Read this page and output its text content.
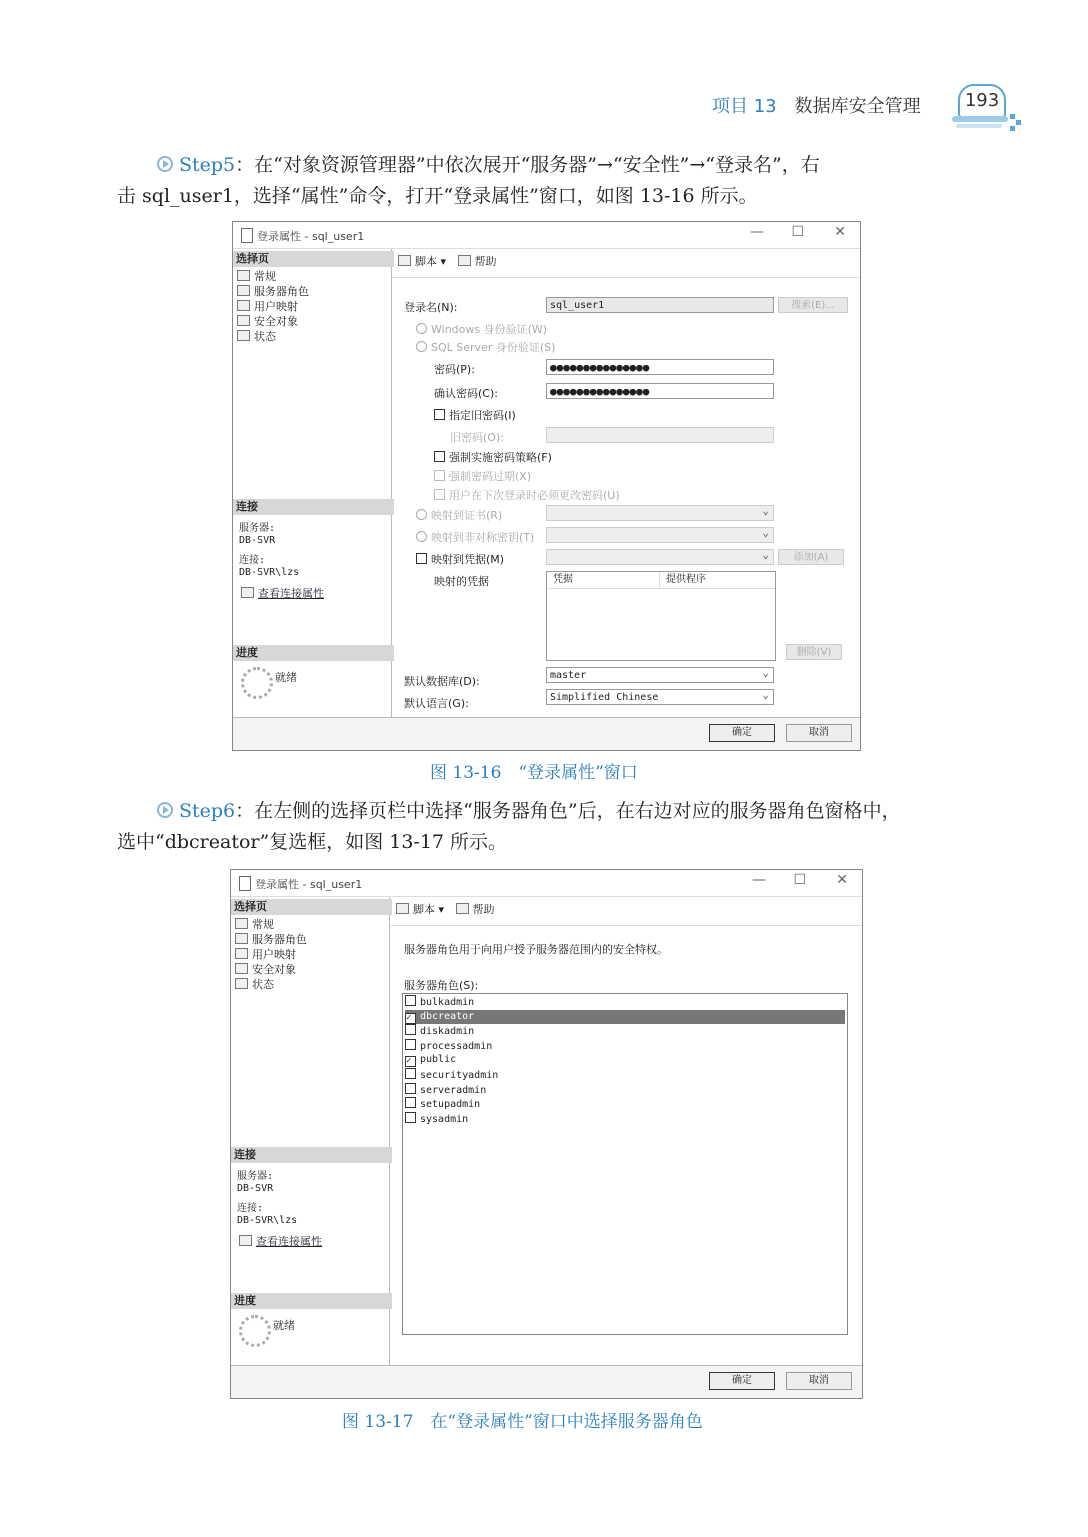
项目 13 数据库安全管理	193
Step5：在“对象资源管理器”中依次展开“服务器”→“安全性”→“登录名”，右
击 sql_user1，选择“属性”命令，打开“登录属性”窗口，如图 13-16 所示。
登录属性 - sql_user1	— ☐ ✕
选择页
常规
服务器角色
用户映射
安全对象
状态
连接
服务器:
DB-SVR
连接:
DB-SVR\lzs
查看连接属性
进度
就绪
脚本 ▾	帮助
登录名(N):	sql_user1	搜索(E)...
Windows 身份验证(W)
SQL Server 身份验证(S)
密码(P):	●●●●●●●●●●●●●●●
确认密码(C):	●●●●●●●●●●●●●●●
指定旧密码(I)
旧密码(O):
强制实施密码策略(F)
强制密码过期(X)
用户在下次登录时必须更改密码(U)
映射到证书(R)
⌄
映射到非对称密钥(T)
⌄
映射到凭据(M)
⌄	添加(A)
映射的凭据	凭据	提供程序
删除(V)
默认数据库(D):	master ⌄
默认语言(G):	Simplified Chinese ⌄
确定	取消
图 13-16　“登录属性”窗口
Step6：在左侧的选择页栏中选择“服务器角色”后，在右边对应的服务器角色窗格中，
选中“dbcreator”复选框，如图 13-17 所示。
登录属性 - sql_user1	— ☐ ✕
选择页
常规
服务器角色
用户映射
安全对象
状态
连接
服务器:
DB-SVR
连接:
DB-SVR\lzs
查看连接属性
进度
就绪
脚本 ▾	帮助
服务器角色用于向用户授予服务器范围内的安全特权。
服务器角色(S):
bulkadmin
✓ dbcreator
diskadmin
processadmin
✓ public
securityadmin
serveradmin
setupadmin
sysadmin
确定	取消
图 13-17　在“登录属性”窗口中选择服务器角色
